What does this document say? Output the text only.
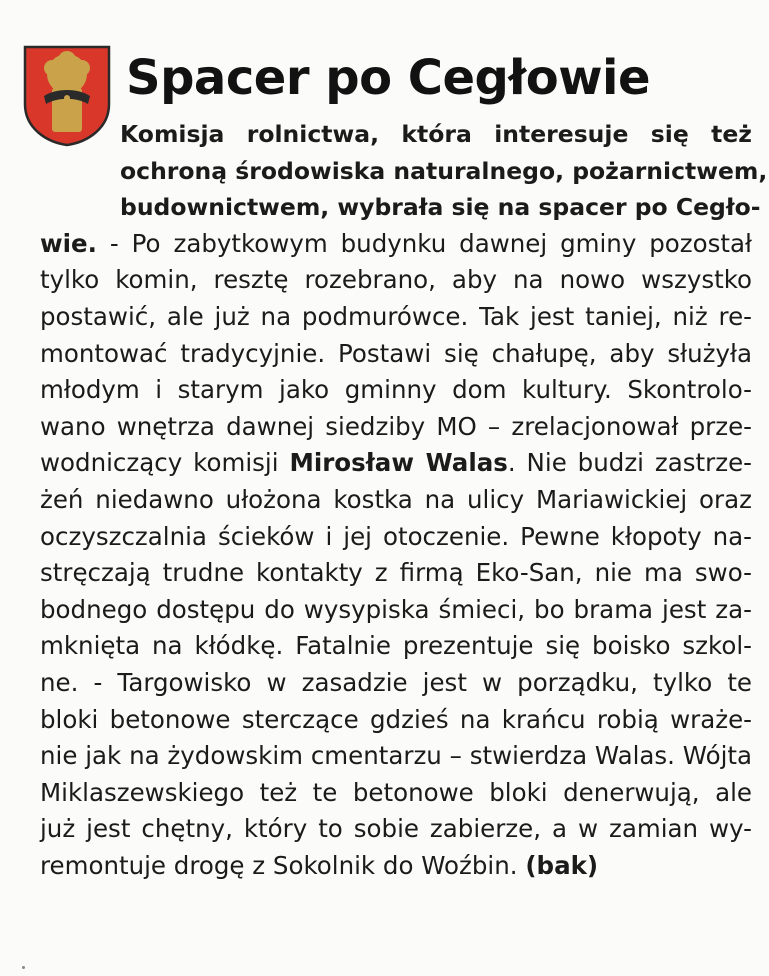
Spacer po Cegłowie
Komisja rolnictwa, która interesuje się też
ochroną środowiska naturalnego, pożarnictwem,
budownictwem, wybrała się na spacer po Cegło-
wie. - Po zabytkowym budynku dawnej gminy pozostał
tylko komin, resztę rozebrano, aby na nowo wszystko
postawić, ale już na podmurówce. Tak jest taniej, niż re-
montować tradycyjnie. Postawi się chałupę, aby służyła
młodym i starym jako gminny dom kultury. Skontrolo-
wano wnętrza dawnej siedziby MO – zrelacjonował prze-
wodniczący komisji Mirosław Walas. Nie budzi zastrze-
żeń niedawno ułożona kostka na ulicy Mariawickiej oraz
oczyszczalnia ścieków i jej otoczenie. Pewne kłopoty na-
stręczają trudne kontakty z firmą Eko-San, nie ma swo-
bodnego dostępu do wysypiska śmieci, bo brama jest za-
mknięta na kłódkę. Fatalnie prezentuje się boisko szkol-
ne. - Targowisko w zasadzie jest w porządku, tylko te
bloki betonowe sterczące gdzieś na krańcu robią wraże-
nie jak na żydowskim cmentarzu – stwierdza Walas. Wójta
Miklaszewskiego też te betonowe bloki denerwują, ale
już jest chętny, który to sobie zabierze, a w zamian wy-
remontuje drogę z Sokolnik do Woźbin. (bak)
